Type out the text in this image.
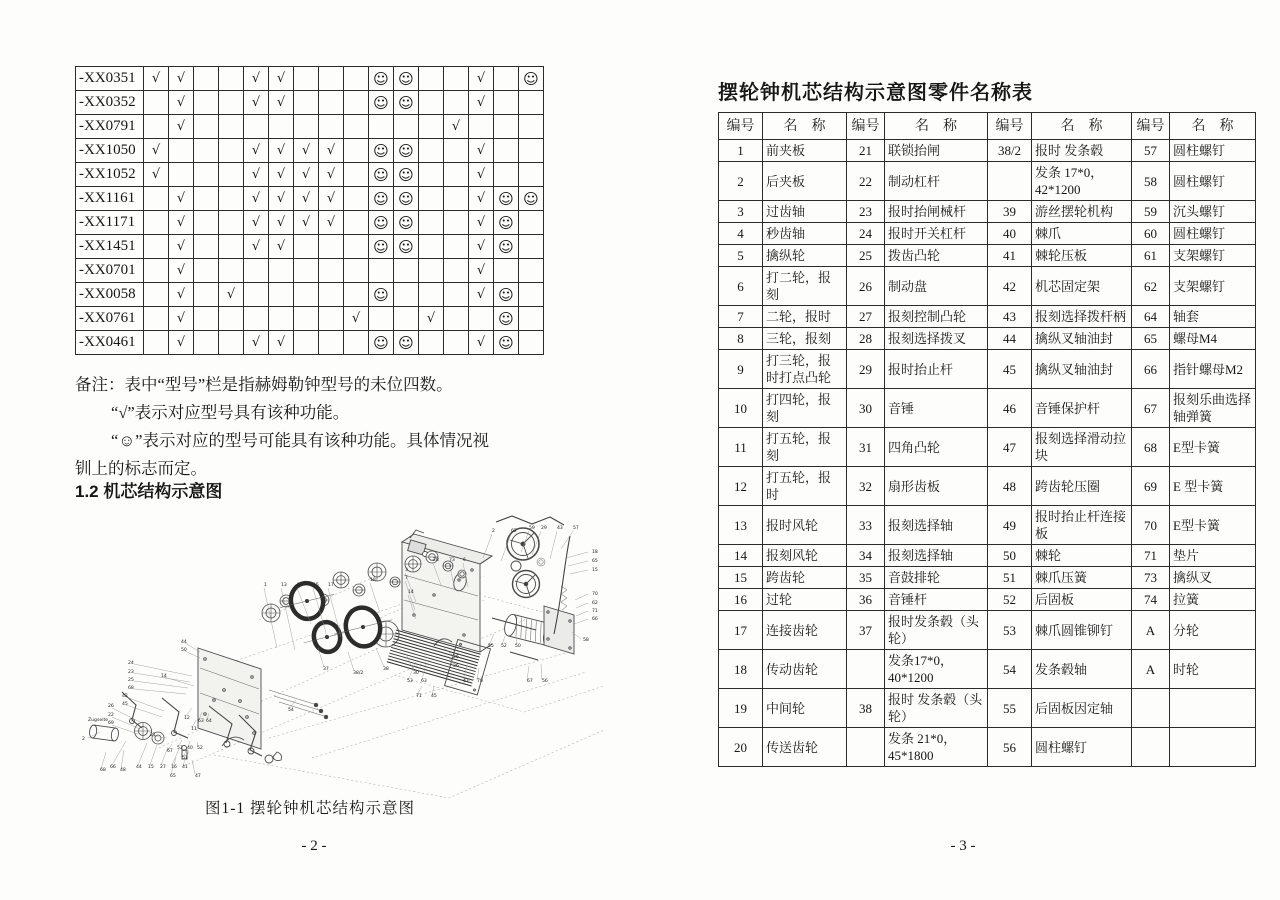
-XX0351	√	√			√	√				☺	☺			√		☺
-XX0352		√			√	√				☺	☺			√		
-XX0791		√											√			
-XX1050	√				√	√	√	√		☺	☺			√		
-XX1052	√				√	√	√	√		☺	☺			√		
-XX1161		√			√	√	√	√		☺	☺			√	☺	☺
-XX1171		√			√	√	√	√		☺	☺			√	☺	
-XX1451		√			√	√				☺	☺			√	☺	
-XX0701		√												√		
-XX0058		√		√						☺				√	☺	
-XX0761		√							√			√			☺	
-XX0461		√			√	√				☺	☺			√	☺	
备注：表中“型号”栏是指赫姆勒钟型号的未位四数。
“√”表示对应型号具有该种功能。
“☺”表示对应的型号可能具有该种功能。具体情况视
钏上的标志而定。
1.2 机芯结构示意图
1	13 9	15 17
18
3
7
14
28 73 6
2	62
59 29 43 57
18
65
15
70
62
71
66
58
55 52 50
26
36
44
50
24
23
25
68
14
42
45
26
22
69
21
12
11
63 64
53 40 52
51
67
66	44 15 27 16 41
65	47
37
38/2
38
30
53 63	47 70	67 56
54
2
68	48
71 45
Zugseite
图1-1 摆轮钟机芯结构示意图
- 2 -
摆轮钟机芯结构示意图零件名称表
编号	名　称	编号	名　称	编号	名　称	编号	名　称
1	前夹板	21	联锁抬闸	38/2	报时 发条毂	57	圆柱螺钉
2	后夹板	22	制动杠杆		发条 17*0，42*1200	58	圆柱螺钉
3	过齿轴	23	报时抬闸械杆	39	游丝摆轮机构	59	沉头螺钉
4	秒齿轴	24	报时开关杠杆	40	棘爪	60	圆柱螺钉
5	擒纵轮	25	拨齿凸轮	41	棘轮压板	61	支架螺钉
6	打二轮，报刻	26	制动盘	42	机芯固定架	62	支架螺钉
7	二轮，报时	27	报刻控制凸轮	43	报刻选择拨杆柄	64	轴套
8	三轮，报刻	28	报刻选择拨叉	44	擒纵叉轴油封	65	螺母M4
9	打三轮，报时打点凸轮	29	报时抬止杆	45	擒纵叉轴油封	66	指针螺母M2
10	打四轮，报刻	30	音锤	46	音锤保护杆	67	报刻乐曲选择轴弹簧
11	打五轮，报刻	31	四角凸轮	47	报刻选择滑动拉块	68	E型卡簧
12	打五轮，报时	32	扇形齿板	48	跨齿轮压圈	69	E 型卡簧
13	报时风轮	33	报刻选择轴	49	报时抬止杆连接板	70	E型卡簧
14	报刻风轮	34	报刻选择轴	50	棘轮	71	垫片
15	跨齿轮	35	音鼓排轮	51	棘爪压簧	73	擒纵叉
16	过轮	36	音锤杆	52	后固板	74	拉簧
17	连接齿轮	37	报时发条毂（头轮）	53	棘爪圆锥铆钉	A	分轮
18	传动齿轮		发条17*0，40*1200	54	发条毂轴	A	时轮
19	中间轮	38	报时 发条毂（头轮）	55	后固板因定轴		
20	传送齿轮		发条 21*0，45*1800	56	圆柱螺钉		
- 3 -
